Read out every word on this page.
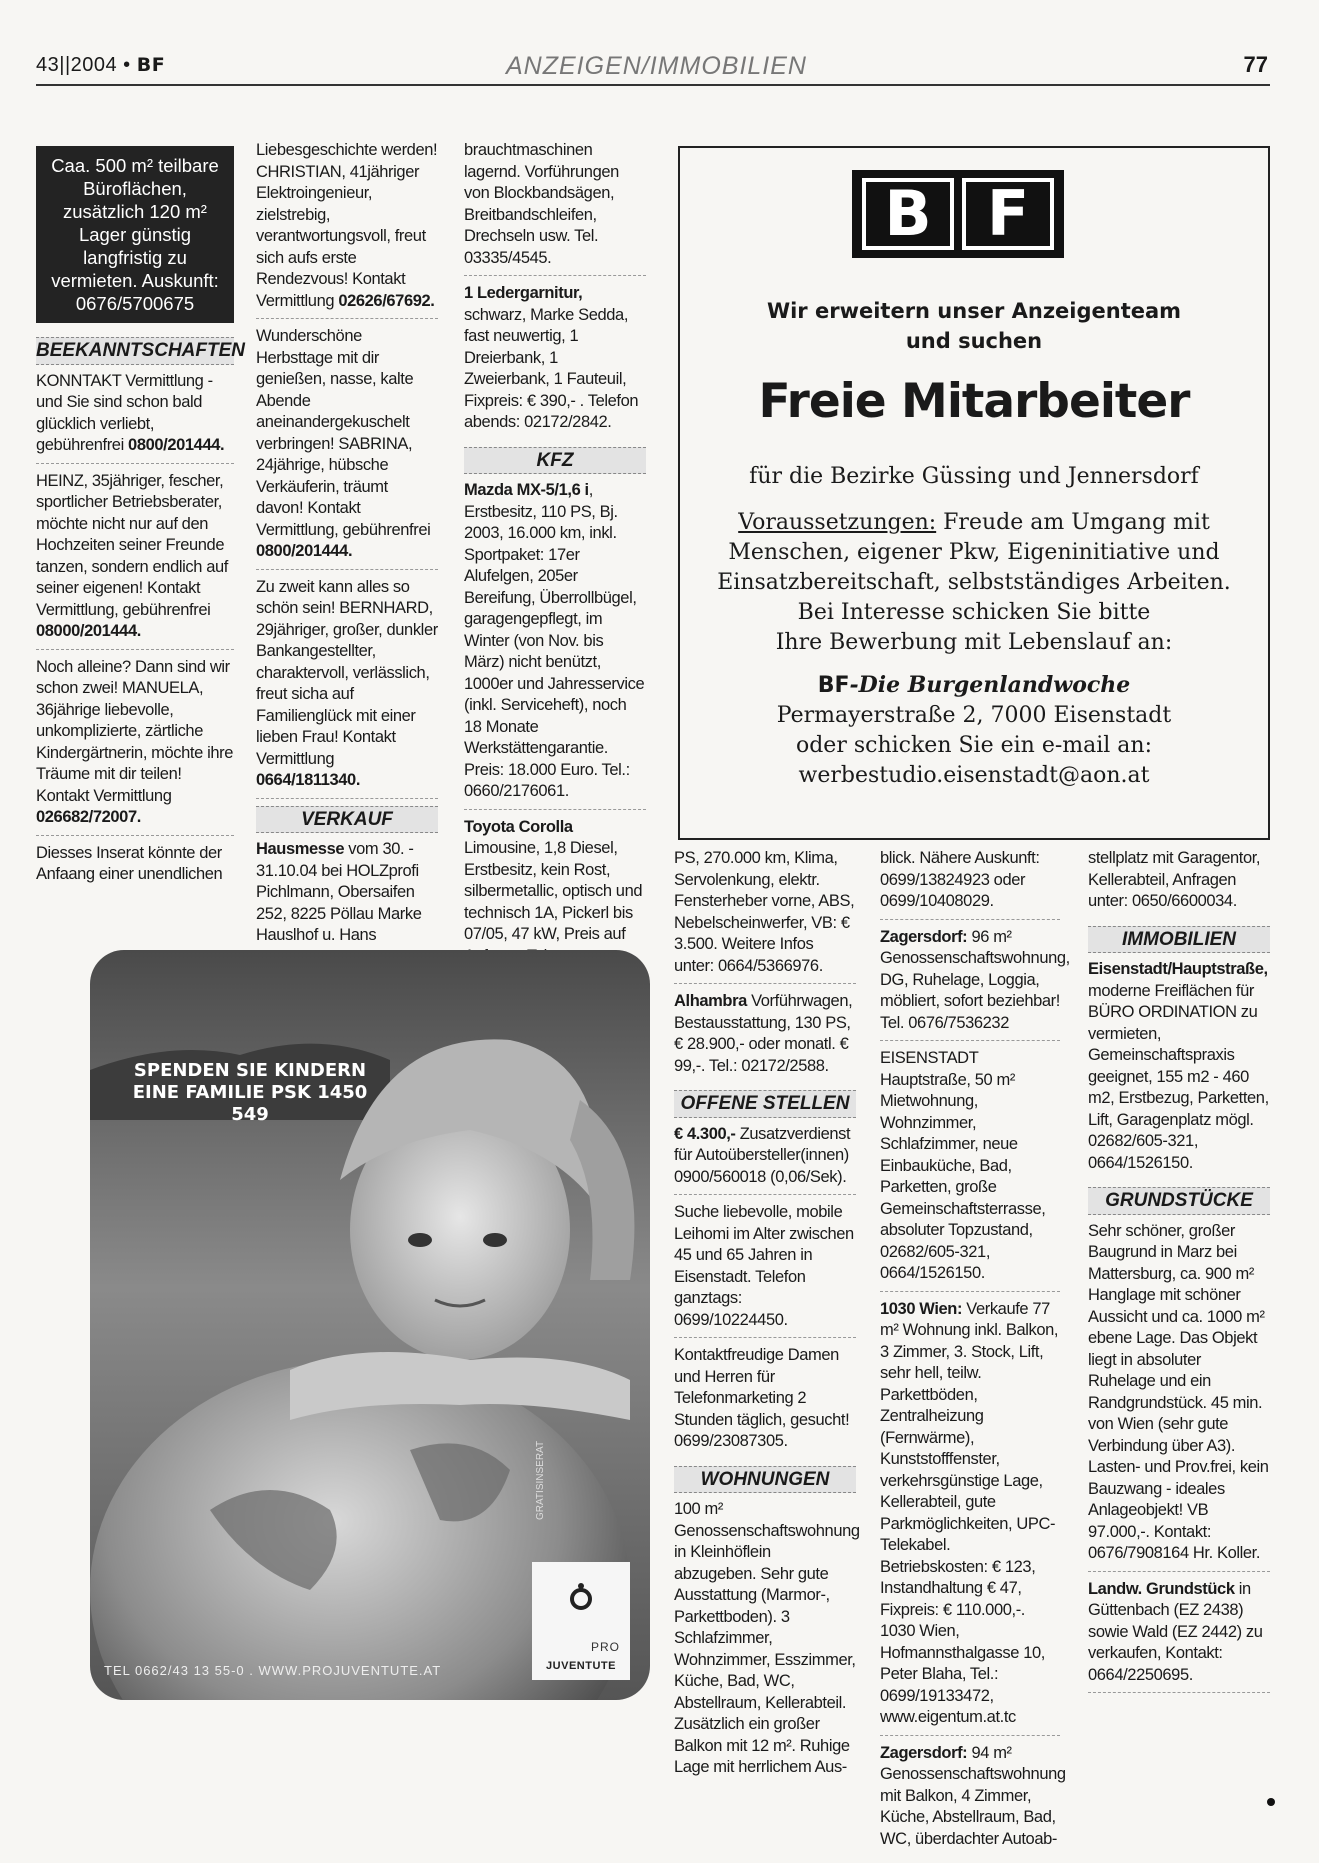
43||2004 • BF	ANZEIGEN/IMMOBILIEN	77
Caa. 500 m² teilbare Büroflächen, zusätzlich 120 m² Lager günstig langfristig zu vermieten. Auskunft: 0676/5700675
BEEKANNTSCHAFTEN

KONNTAKT Vermittlung - und Sie sind schon bald glücklich verliebt, gebührenfrei 0800/201444.

HEINZ, 35jähriger, fescher, sportlicher Betriebsberater, möchte nicht nur auf den Hochzeiten seiner Freunde tanzen, sondern endlich auf seiner eigenen! Kontakt Vermittlung, gebührenfrei 08000/201444.

Noch alleine? Dann sind wir schon zwei! MANUELA, 36jährige liebevolle, unkomplizierte, zärtliche Kindergärtnerin, möchte ihre Träume mit dir teilen! Kontakt Vermittlung 026682/72007.

Diesses Inserat könnte der Anfaang einer unendlichen

Liebesgeschichte werden! CHRISTIAN, 41jähriger Elektroingenieur, zielstrebig, verantwortungsvoll, freut sich aufs erste Rendezvous! Kontakt Vermittlung 02626/67692.

Wunderschöne Herbsttage mit dir genießen, nasse, kalte Abende aneinandergekuschelt verbringen! SABRINA, 24jährige, hübsche Verkäuferin, träumt davon! Kontakt Vermittlung, gebührenfrei 0800/201444.

Zu zweit kann alles so schön sein! BERNHARD, 29jähriger, großer, dunkler Bankangestellter, charaktervoll, verlässlich, freut sicha auf Familienglück mit einer lieben Frau! Kontakt Vermittlung 0664/1811340.

VERKAUF

Hausmesse vom 30. - 31.10.04 bei HOLZprofi Pichlmann, Obersaifen 252, 8225 Pöllau Marke Hauslhof u. Hans

brauchtmaschinen lagernd. Vorführungen von Blockbandsägen, Breitbandschleifen, Drechseln usw. Tel. 03335/4545.

1 Ledergarnitur, schwarz, Marke Sedda, fast neuwertig, 1 Dreierbank, 1 Zweierbank, 1 Fauteuil, Fixpreis: € 390,- . Telefon abends: 02172/2842.

KFZ

Mazda MX-5/1,6 i, Erstbesitz, 110 PS, Bj. 2003, 16.000 km, inkl. Sportpaket: 17er Alufelgen, 205er Bereifung, Überrollbügel, garagengepflegt, im Winter (von Nov. bis März) nicht benützt, 1000er und Jahresservice (inkl. Serviceheft), noch 18 Monate Werkstättengarantie. Preis: 18.000 Euro. Tel.: 0660/2176061.

Toyota Corolla Limousine, 1,8 Diesel, Erstbesitz, kein Rost, silbermetallic, optisch und technisch 1A, Pickerl bis 07/05, 47 kW, Preis auf

B F
Wir erweitern unser Anzeigenteam
und suchen
Freie Mitarbeiter
für die Bezirke Güssing und Jennersdorf
Voraussetzungen: Freude am Umgang mit Menschen, eigener Pkw, Eigeninitiative und Einsatzbereitschaft, selbstständiges Arbeiten.
Bei Interesse schicken Sie bitte
Ihre Bewerbung mit Lebenslauf an:
BF-Die Burgenlandwoche
Permayerstraße 2, 7000 Eisenstadt
oder schicken Sie ein e-mail an:
werbestudio.eisenstadt@aon.at

PS, 270.000 km, Klima, Servolenkung, elektr. Fensterheber vorne, ABS, Nebelscheinwerfer, VB: € 3.500. Weitere Infos unter: 0664/5366976.

Alhambra Vorführwagen, Bestausstattung, 130 PS, € 28.900,- oder monatl. € 99,-. Tel.: 02172/2588.

OFFENE STELLEN

€ 4.300,- Zusatzverdienst für Autoübersteller(innen) 0900/560018 (0,06/Sek).

Suche liebevolle, mobile Leihomi im Alter zwischen 45 und 65 Jahren in Eisenstadt. Telefon ganztags: 0699/10224450.

Kontaktfreudige Damen und Herren für Telefonmarketing 2 Stunden täglich, gesucht! 0699/23087305.

WOHNUNGEN

100 m² Genossenschaftswohnung in Kleinhöflein abzugeben. Sehr gute Ausstattung (Marmor-, Parkettboden). 3 Schlafzimmer, Wohnzimmer, Esszimmer, Küche, Bad, WC, Abstellraum, Kellerabteil. Zusätzlich ein großer Balkon mit 12 m². Ruhige Lage mit herrlichem Aus-

blick. Nähere Auskunft: 0699/13824923 oder 0699/10408029.

Zagersdorf: 96 m² Genossenschaftswohnung, DG, Ruhelage, Loggia, möbliert, sofort beziehbar! Tel. 0676/7536232

EISENSTADT Hauptstraße, 50 m² Mietwohnung, Wohnzimmer, Schlafzimmer, neue Einbauküche, Bad, Parketten, große Gemeinschaftsterrasse, absoluter Topzustand, 02682/605-321, 0664/1526150.

1030 Wien: Verkaufe 77 m² Wohnung inkl. Balkon, 3 Zimmer, 3. Stock, Lift, sehr hell, teilw. Parkettböden, Zentralheizung (Fernwärme), Kunststofffenster, verkehrsgünstige Lage, Kellerabteil, gute Parkmöglichkeiten, UPC-Telekabel. Betriebskosten: € 123, Instandhaltung € 47, Fixpreis: € 110.000,-. 1030 Wien, Hofmannsthalgasse 10, Peter Blaha, Tel.: 0699/19133472, www.eigentum.at.tc

Zagersdorf: 94 m² Genossenschaftswohnung mit Balkon, 4 Zimmer, Küche, Abstellraum, Bad, WC, überdachter Autoab-

stellplatz mit Garagentor, Kellerabteil, Anfragen unter: 0650/6600034.

IMMOBILIEN

Eisenstadt/Hauptstraße, moderne Freiflächen für BÜRO ORDINATION zu vermieten, Gemeinschaftspraxis geeignet, 155 m2 - 460 m2, Erstbezug, Parketten, Lift, Garagenplatz mögl. 02682/605-321, 0664/1526150.

GRUNDSTÜCKE

Sehr schöner, großer Baugrund in Marz bei Mattersburg, ca. 900 m² Hanglage mit schöner Aussicht und ca. 1000 m² ebene Lage. Das Objekt liegt in absoluter Ruhelage und ein Randgrundstück. 45 min. von Wien (sehr gute Verbindung über A3). Lasten- und Prov.frei, kein Bauzwang - ideales Anlageobjekt! VB 97.000,-. Kontakt: 0676/7908164 Hr. Koller.

Landw. Grundstück in Güttenbach (EZ 2438) sowie Wald (EZ 2442) zu verkaufen, Kontakt: 0664/2250695.

SPENDEN SIE KINDERN EINE FAMILIE PSK 1450 549
GRATISINSERAT
TEL 0662/43 13 55-0 . WWW.PROJUVENTUTE.AT
PRO
JUVENTUTE
